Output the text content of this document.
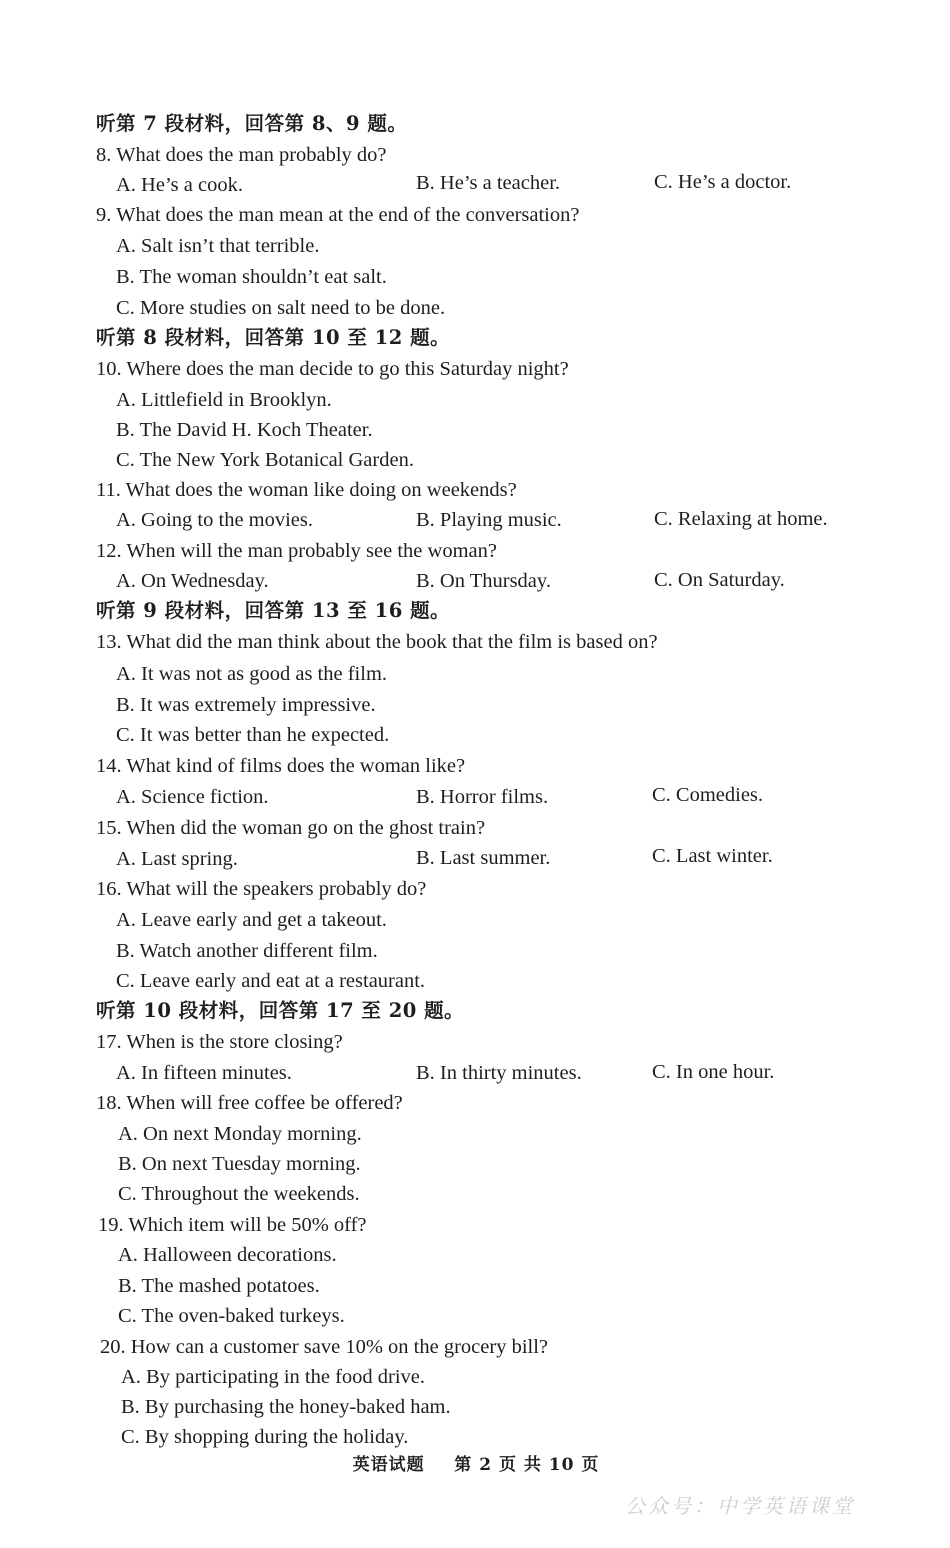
听第 7 段材料，回答第 8、9 题。
8. What does the man probably do?
A. He’s a cook.	B. He’s a teacher.	C. He’s a doctor.
9. What does the man mean at the end of the conversation?
A. Salt isn’t that terrible.
B. The woman shouldn’t eat salt.
C. More studies on salt need to be done.
听第 8 段材料，回答第 10 至 12 题。
10. Where does the man decide to go this Saturday night?
A. Littlefield in Brooklyn.
B. The David H. Koch Theater.
C. The New York Botanical Garden.
11. What does the woman like doing on weekends?
A. Going to the movies.	B. Playing music.	C. Relaxing at home.
12. When will the man probably see the woman?
A. On Wednesday.	B. On Thursday.	C. On Saturday.
听第 9 段材料，回答第 13 至 16 题。
13. What did the man think about the book that the film is based on?
A. It was not as good as the film.
B. It was extremely impressive.
C. It was better than he expected.
14. What kind of films does the woman like?
A. Science fiction.	B. Horror films.	C. Comedies.
15. When did the woman go on the ghost train?
A. Last spring.	B. Last summer.	C. Last winter.
16. What will the speakers probably do?
A. Leave early and get a takeout.
B. Watch another different film.
C. Leave early and eat at a restaurant.
听第 10 段材料，回答第 17 至 20 题。
17. When is the store closing?
A. In fifteen minutes.	B. In thirty minutes.	C. In one hour.
18. When will free coffee be offered?
A. On next Monday morning.
B. On next Tuesday morning.
C. Throughout the weekends.
19. Which item will be 50% off?
A. Halloween decorations.
B. The mashed potatoes.
C. The oven-baked turkeys.
20. How can a customer save 10% on the grocery bill?
A. By participating in the food drive.
B. By purchasing the honey-baked ham.
C. By shopping during the holiday.
英语试题 第 2 页 共 10 页
公众号：中学英语课堂
